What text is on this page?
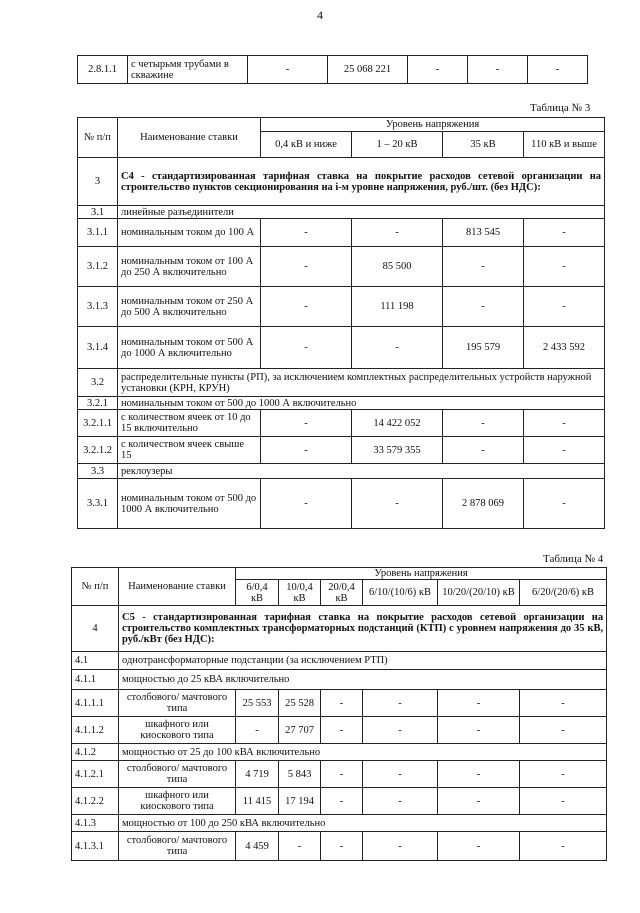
4
2.8.1.1	с четырьмя трубами в скважине	-	25 068 221	-	-	-
Таблица № 3
№ п/п	Наименование ставки	Уровень напряжения			
		0,4 кВ и ниже	1 – 20 кВ	35 кВ	110 кВ и выше
3	С4 - стандартизированная тарифная ставка на покрытие расходов сетевой организации на строительство пунктов секционирования на i-м уровне напряжения, руб./шт. (без НДС):				
3.1	линейные разъединители				
3.1.1	номинальным током до 100 А	-	-	813 545	-
3.1.2	номинальным током от 100 А до 250 А включительно	-	85 500	-	-
3.1.3	номинальным током от 250 А до 500 А включительно	-	111 198	-	-
3.1.4	номинальным током от 500 А до 1000 А включительно	-	-	195 579	2 433 592
3.2	распределительные пункты (РП), за исключением комплектных распределительных устройств наружной установки (КРН, КРУН)				
3.2.1	номинальным током от 500 до 1000 А включительно				
3.2.1.1	с количеством ячеек от 10 до 15 включительно	-	14 422 052	-	-
3.2.1.2	с количеством ячеек свыше 15	-	33 579 355	-	-
3.3	реклоузеры				
3.3.1	номинальным током от 500 до 1000 А включительно	-	-	2 878 069	-
Таблица № 4
№ п/п	Наименование ставки	Уровень напряжения					
		6/0,4 кВ	10/0,4 кВ	20/0,4 кВ	6/10/(10/6) кВ	10/20/(20/10) кВ	6/20/(20/6) кВ
4	С5 - стандартизированная тарифная ставка на покрытие расходов сетевой организации на строительство комплектных трансформаторных подстанций (КТП) с уровнем напряжения до 35 кВ, руб./кВт (без НДС):						
4.1	однотрансформаторные подстанции (за исключением РТП)						
4.1.1	мощностью до 25 кВА включительно						
4.1.1.1	столбового/ мачтового типа	25 553	25 528	-	-	-	-
4.1.1.2	шкафного или киоскового типа	-	27 707	-	-	-	-
4.1.2	мощностью от 25 до 100 кВА включительно						
4.1.2.1	столбового/ мачтового типа	4 719	5 843	-	-	-	-
4.1.2.2	шкафного или киоскового типа	11 415	17 194	-	-	-	-
4.1.3	мощностью от 100 до 250 кВА включительно						
4.1.3.1	столбового/ мачтового типа	4 459	-	-	-	-	-
